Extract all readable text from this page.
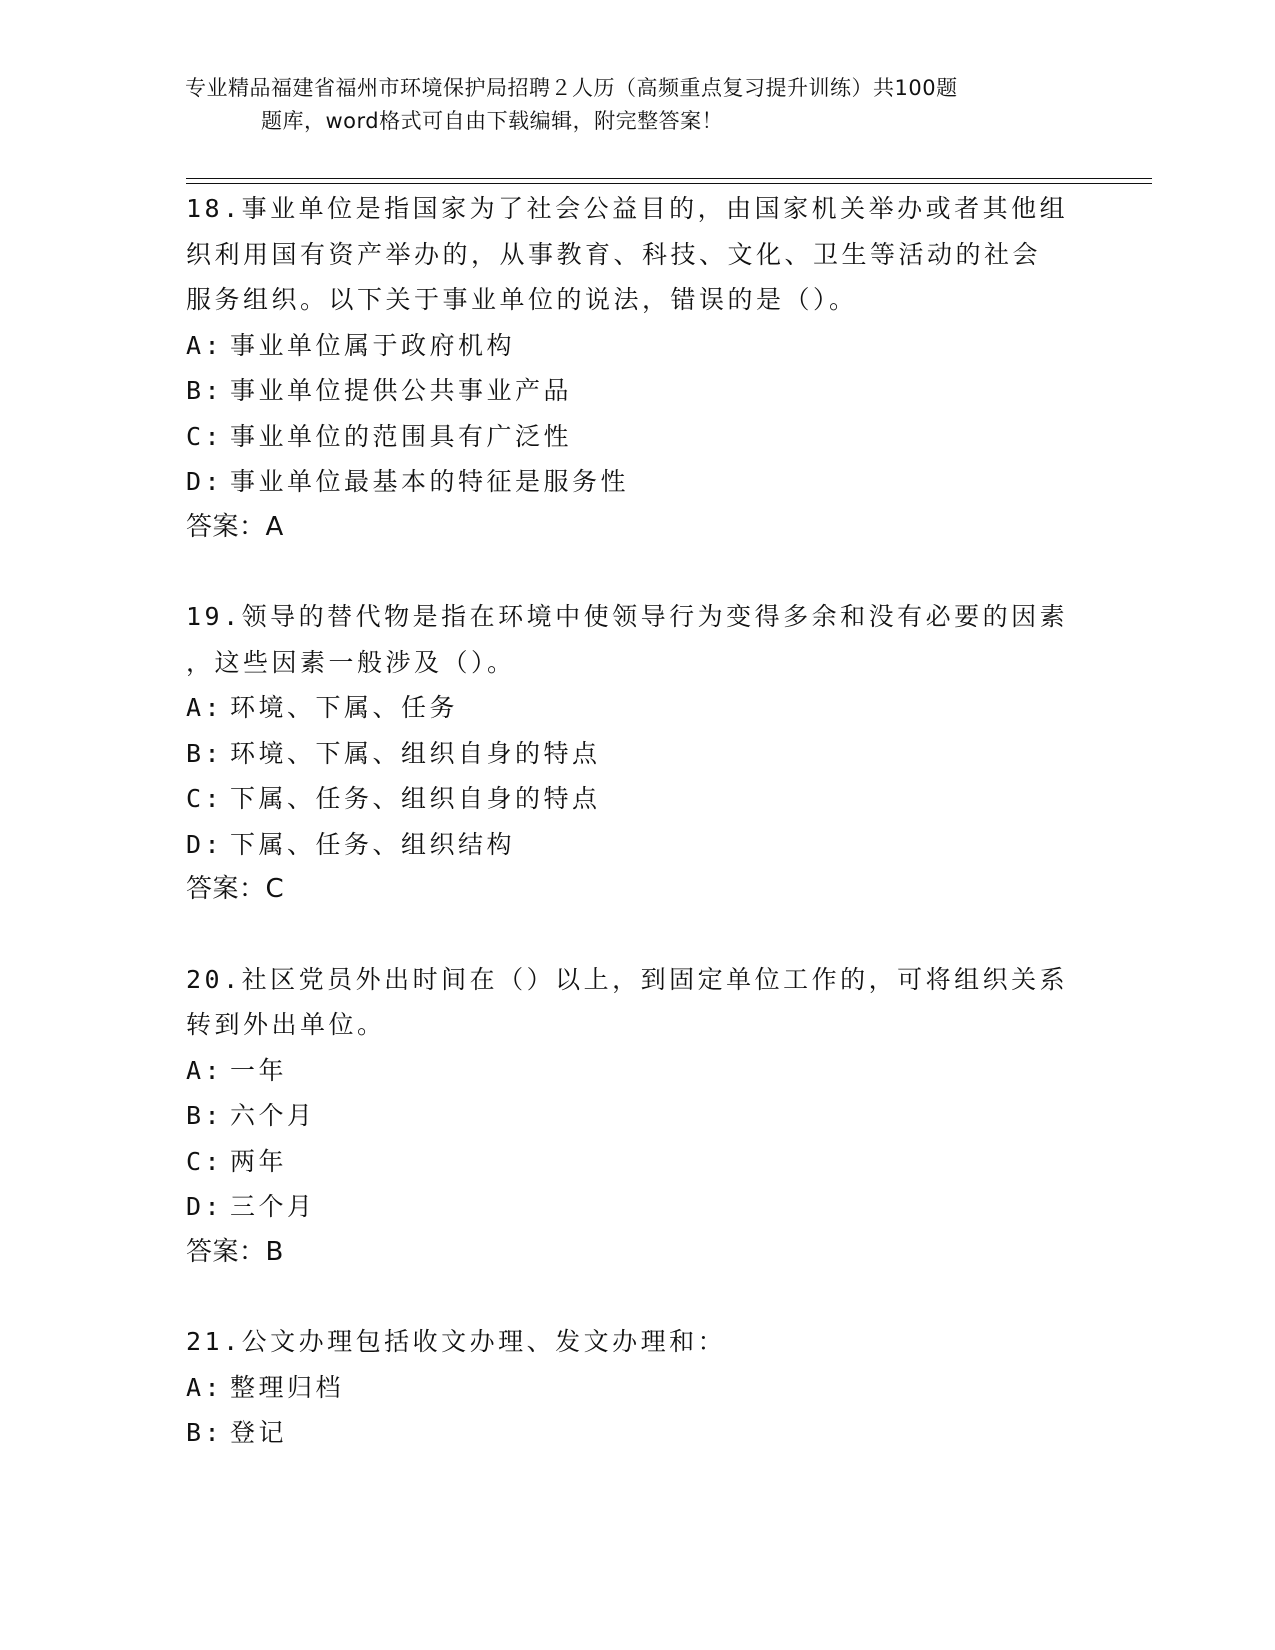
专业精品福建省福州市环境保护局招聘２人历（高频重点复习提升训练）共100题
题库，word格式可自由下载编辑，附完整答案！
18.事业单位是指国家为了社会公益目的，由国家机关举办或者其他组
织利用国有资产举办的，从事教育、科技、文化、卫生等活动的社会
服务组织。以下关于事业单位的说法，错误的是（）。
A: 事业单位属于政府机构
B: 事业单位提供公共事业产品
C: 事业单位的范围具有广泛性
D: 事业单位最基本的特征是服务性
答案：A
19.领导的替代物是指在环境中使领导行为变得多余和没有必要的因素
，这些因素一般涉及（）。
A: 环境、下属、任务
B: 环境、下属、组织自身的特点
C: 下属、任务、组织自身的特点
D: 下属、任务、组织结构
答案：C
20.社区党员外出时间在（）以上，到固定单位工作的，可将组织关系
转到外出单位。
A: 一年
B: 六个月
C: 两年
D: 三个月
答案：B
21.公文办理包括收文办理、发文办理和：
A: 整理归档
B: 登记
